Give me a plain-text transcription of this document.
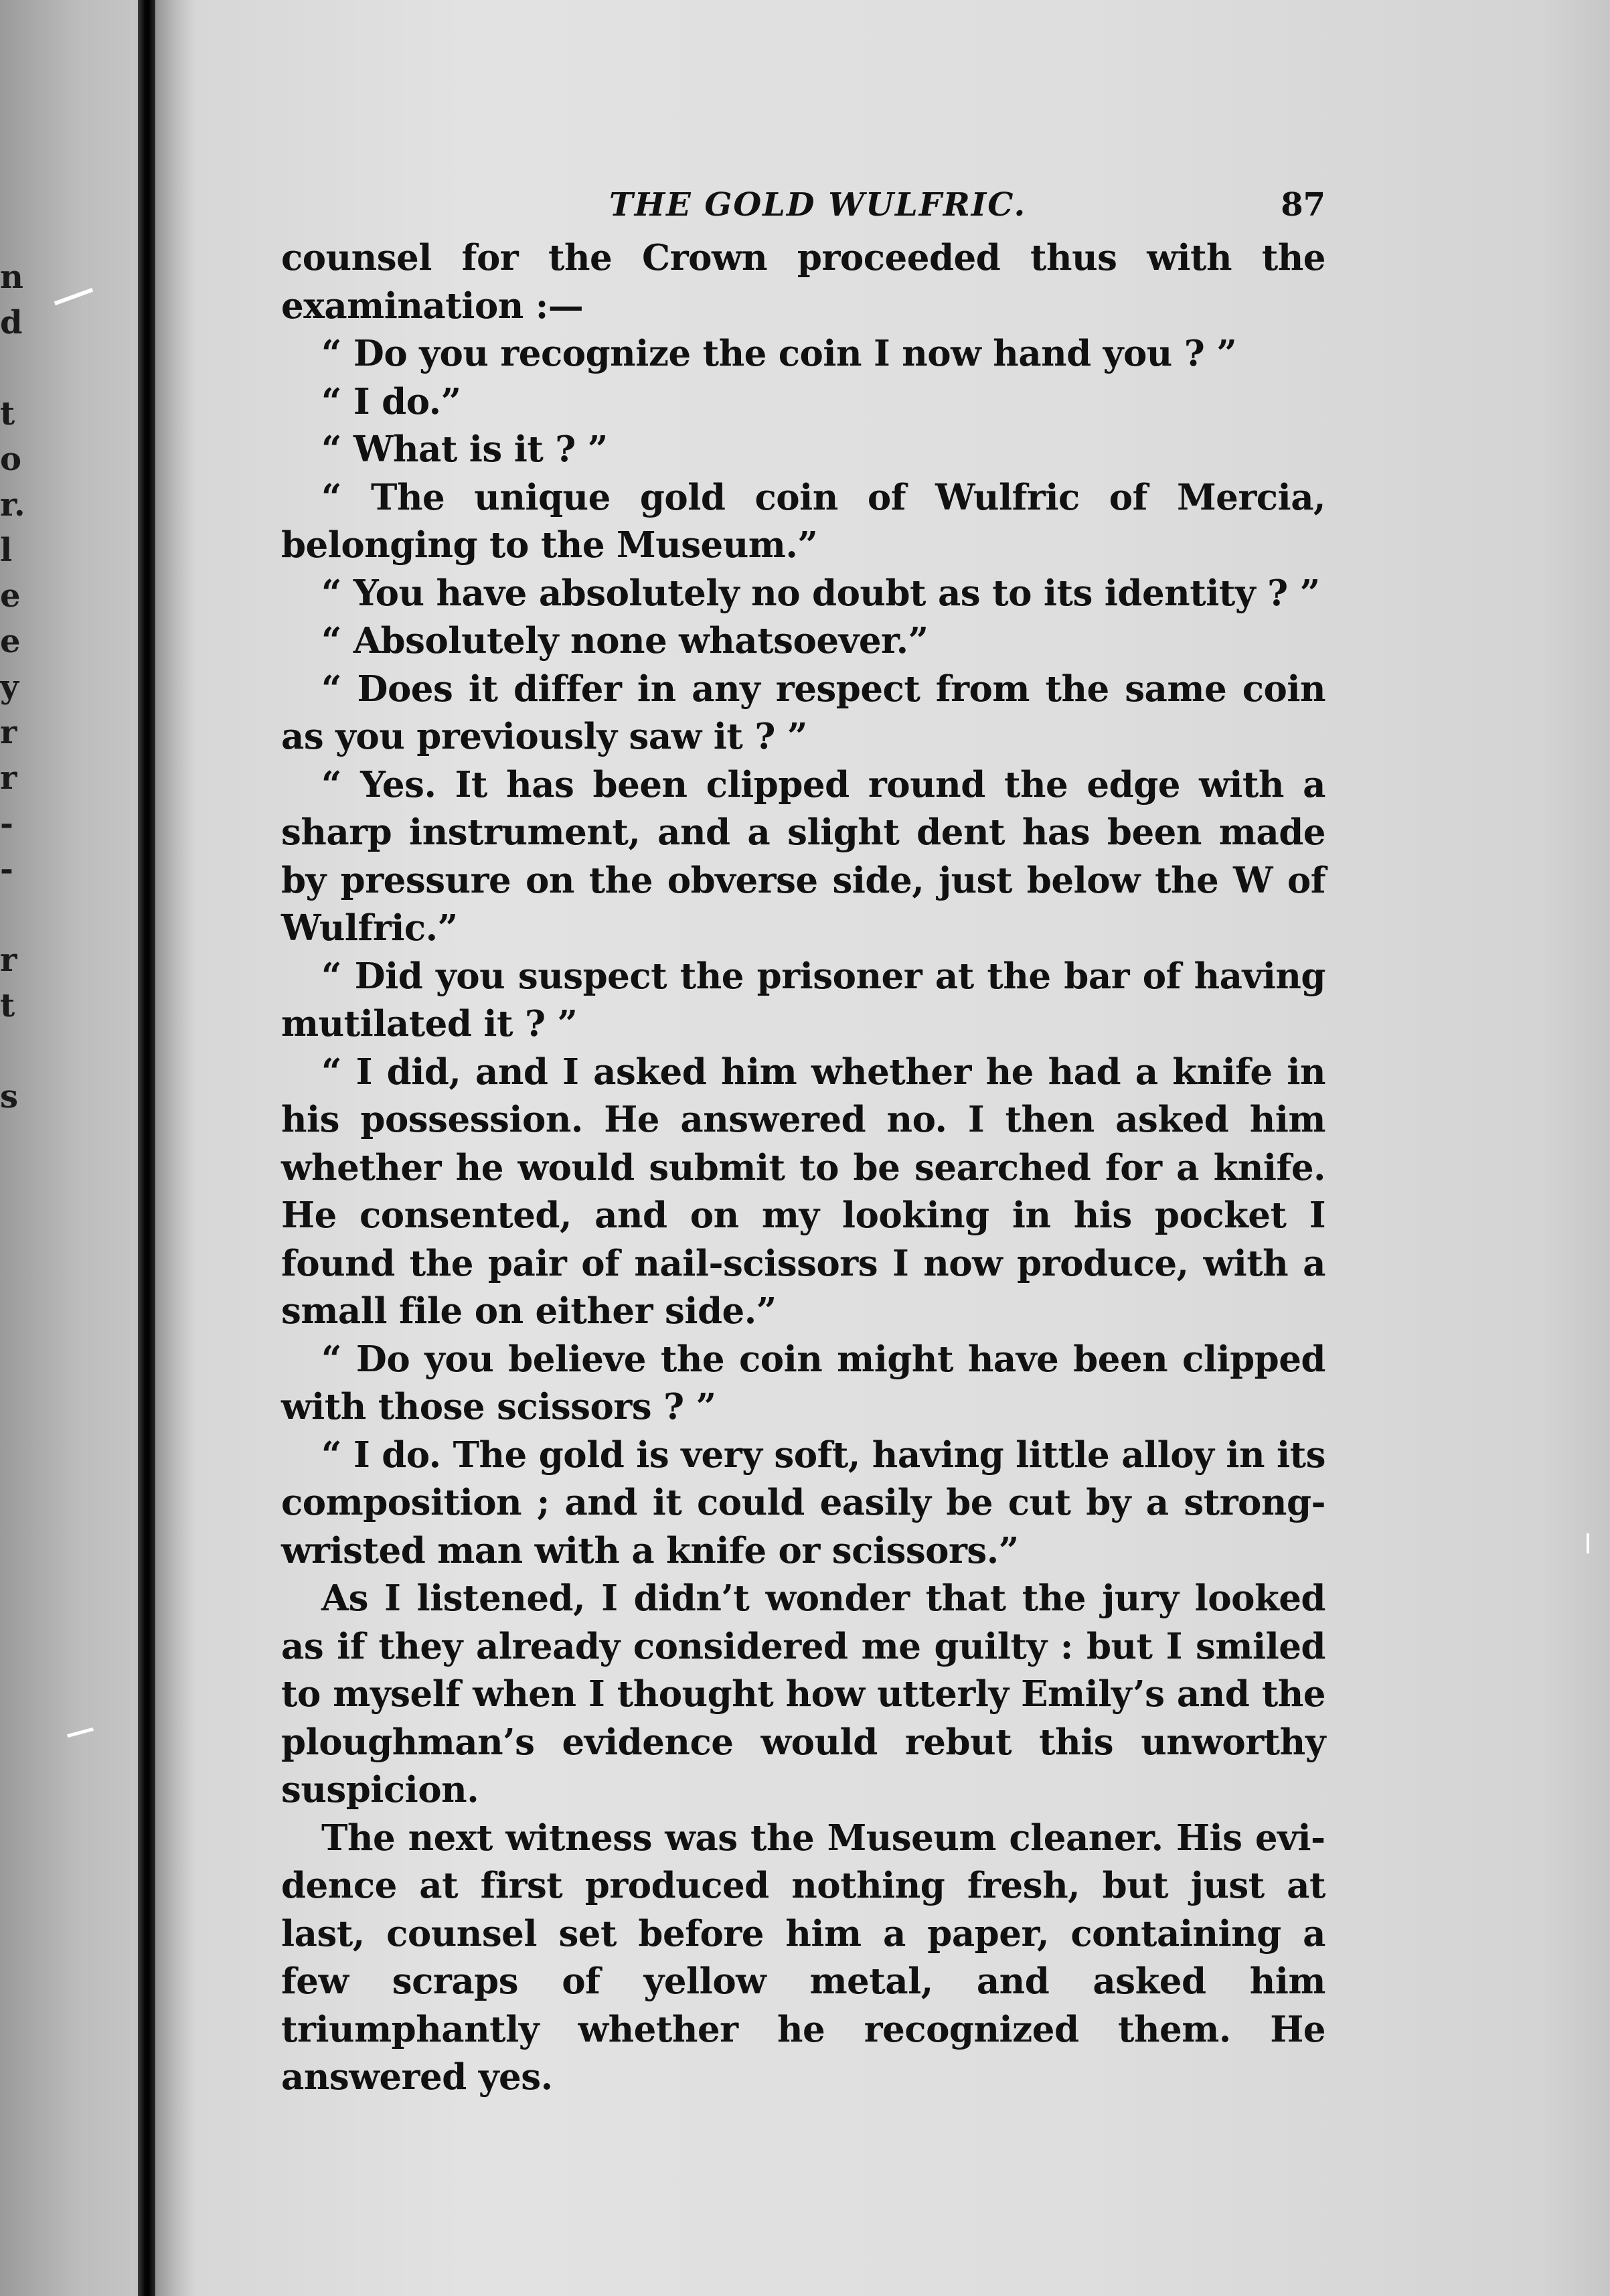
n
d
t
o
r.
l
e
e
y
r
r
-
-
r
t
s
THE GOLD WULFRIC.	87

counsel for the Crown proceeded thus with the examination :—

“ Do you recognize the coin I now hand you ? ”

“ I do.”

“ What is it ? ”

“ The unique gold coin of Wulfric of Mercia, belonging to the Museum.”

“ You have absolutely no doubt as to its identity ? ”

“ Absolutely none whatsoever.”

“ Does it differ in any respect from the same coin as you previously saw it ? ”

“ Yes. It has been clipped round the edge with a sharp instrument, and a slight dent has been made by pressure on the obverse side, just below the W of Wulfric.”

“ Did you suspect the prisoner at the bar of having mutilated it ? ”

“ I did, and I asked him whether he had a knife in his possession. He answered no. I then asked him whether he would submit to be searched for a knife. He consented, and on my looking in his pocket I found the pair of nail-scissors I now produce, with a small file on either side.”

“ Do you believe the coin might have been clipped with those scissors ? ”

“ I do. The gold is very soft, having little alloy in its composition ; and it could easily be cut by a strong-wristed man with a knife or scissors.”

As I listened, I didn’t wonder that the jury looked as if they already considered me guilty : but I smiled to myself when I thought how utterly Emily’s and the ploughman’s evidence would rebut this unworthy suspicion.

The next witness was the Museum cleaner. His evidence at first produced nothing fresh, but just at last, counsel set before him a paper, containing a few scraps of yellow metal, and asked him triumphantly whether he recognized them. He answered yes.
